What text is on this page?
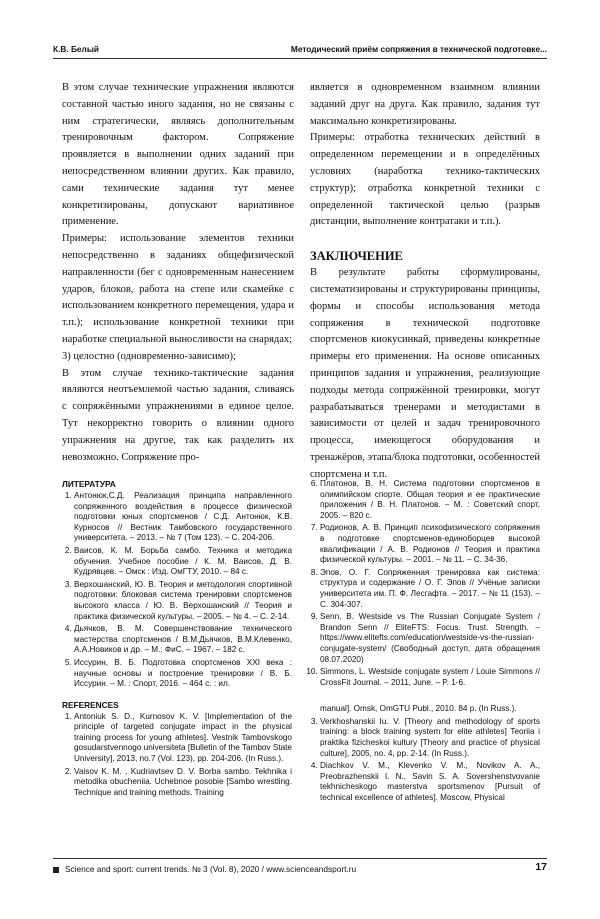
К.В. Белый	Методический приём сопряжения в технической подготовке...

В этом случае технические упражнения являются составной частью иного задания, но не связаны с ним стратегически, являясь дополнительным тренировочным фактором. Сопряжение проявляется в выполнении одних заданий при непосредственном влиянии других. Как правило, сами технические задания тут менее конкретизированы, допускают вариативное применение.

Примеры: использование элементов техники непосредственно в заданиях общефизической направленности (бег с одновременным нанесением ударов, блоков, работа на степе или скамейке с использованием конкретного перемещения, удара и т.п.); использование конкретной техники при наработке специальной выносливости на снарядах;

3) целостно (одновременно-зависимо);

В этом случае технико-тактические задания являются неотъемлемой частью задания, сливаясь с сопряжёнными упражнениями в единое целое. Тут некорректно говорить о влиянии одного упражнения на другое, так как разделить их невозможно. Сопряжение про-

является в одновременном взаимном влиянии заданий друг на друга. Как правило, задания тут максимально конкретизированы.

Примеры: отработка технических действий в определенном перемещении и в определённых условиях (наработка технико-тактических структур); отработка конкретной техники с определенной тактической целью (разрыв дистанции, выполнение контратаки и т.п.).

ЗАКЛЮЧЕНИЕ

В результате работы сформулированы, систематизированы и структурированы принципы, формы и способы использования метода сопряжения в технической подготовке спортсменов киокусинкай, приведены конкретные примеры его применения. На основе описанных принципов задания и упражнения, реализующие подходы метода сопряжённой тренировки, могут разрабатываться тренерами и методистами в зависимости от целей и задач тренировочного процесса, имеющегося оборудования и тренажёров, этапа/блока подготовки, особенностей спортсмена и т.п.

ЛИТЕРАТУРА
1. Антонюк,С.Д. Реализация принципа направленного сопряженного воздействия в процессе физической подготовки юных спортсменов / С.Д. Антонюк, К.В. Курносов // Вестник Тамбовского государственного университета. – 2013. – № 7 (Том 123). – С. 204-206.
2. Ваисов, К. М. Борьба самбо. Техника и методика обучения. Учебное пособие / К. М. Ваисов, Д. В. Кудрявцев. – Омск : Изд. ОмГТУ, 2010. – 84 с.
3. Верхошанский, Ю. В. Теория и методология спортивной подготовки: блоковая система тренировки спортсменов высокого класса / Ю. В. Верхошанский // Теория и практика физической культуры. – 2005. – № 4. – С. 2-14.
4. Дьячков, В. М. Совершенствование технического мастерства спортсменов / В.М.Дьячков, В.М.Клевенко, А.А.Новиков и др. – М.: ФиС. – 1967. – 182 с.
5. Иссурин, В. Б. Подготовка спортсменов XXI века : научные основы и построение тренировки / В. Б. Иссурин. – М. : Спорт, 2016. – 464 с. : ил.
REFERENCES
1. Antoniuk S. D., Kurnosov K. V. [Implementation of the principle of targeted conjugate impact in the physical training process for young athletes]. Vestnik Tambovskogo gosudarstvennogo universiteta [Bulletin of the Tambov State University], 2013, no.7 (Vol. 123), pp. 204-206. (In Russ.).
2. Vaisov K. M. , Kudriavtsev D. V. Borba sambo. Tekhnika i metodika obucheniia. Uchebnoe posobie [Sambo wrestling. Technique and training methods. Training
6. Платонов, В. Н. Система подготовки спортсменов в олимпийском спорте. Общая теория и ее практические приложения / В. Н. Платонов. – М. : Советский спорт, 2005. – 820 с.
7. Родионов, А. В. Принцип психофизического сопряжения в подготовке спортсменов-единоборцев высокой квалификации / А. В. Родионов // Теория и практика физической культуры. – 2001. – № 11. – С. 34-36.
8. Эпов, О. Г. Сопряженная тренировка как система: структура и содержание / О. Г. Эпов // Учёные записки университета им. П. Ф. Лесгафта. – 2017. – № 11 (153). – С. 304-307.
9. Senn, B. Westside vs The Russian Conjugate System / Brandon Senn // EliteFTS: Focus. Trust. Strength. – https://www.elitefts.com/education/westside-vs-the-russian-conjugate-system/ (Свободный доступ, дата обращения 08.07.2020)
10. Simmons, L. Westside conjugate system / Louie Simmons // CrossFit Journal. – 2011, June. – P. 1-6.
manual]. Omsk, OmGTU Publ., 2010. 84 p. (In Russ.).
3. Verkhoshanskii Iu. V. [Theory and methodology of sports training: a block training system for elite athletes] Teoriia i praktika fizicheskoi kultury [Theory and practice of physical culture], 2005, no. 4, pp. 2-14. (In Russ.).
4. Diachkov V. M., Klevenko V. M., Novikov A. A., Preobrazhenskii I. N., Savin S. A. Sovershenstvovanie tekhnicheskogo masterstva sportsmenov [Pursuit of technical excellence of athletes]. Moscow, Physical
Science and sport: current trends. № 3 (Vol. 8), 2020 / www.scienceandsport.ru	17
